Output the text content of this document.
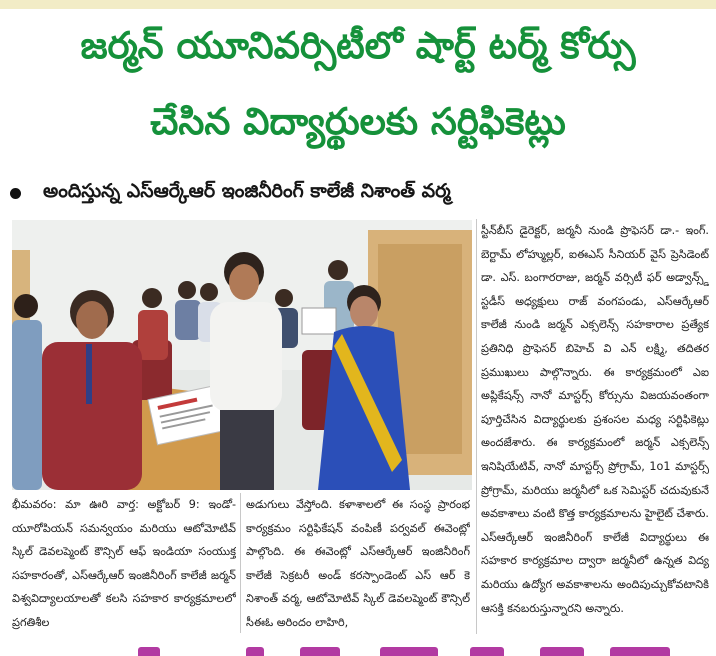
జర్మన్ యూనివర్సిటీలో షార్ట్ టర్మ్ కోర్సు
చేసిన విద్యార్థులకు సర్టిఫికెట్లు
అందిస్తున్న ఎస్ఆర్కేఆర్ ఇంజినీరింగ్ కాలేజీ నిశాంత్ వర్మ
స్టీన్‌బీస్ డైరెక్టర్, జర్మనీ నుండి ప్రొఫెసర్ డా.- ఇంగ్. బెర్టామ్ లోహ్ముల్లర్, ఐఈఎస్ సీనియర్ వైస్ ప్రెసిడెంట్ డా. ఎస్. బంగారరాజు, జర్మన్ వర్సిటీ ఫర్ అడ్వాన్స్డ్ స్టడీస్ అధ్యక్షులు రాజ్ వంగపండు, ఎస్ఆర్కేఆర్ కాలేజీ నుండి జర్మన్ ఎక్సలెన్స్ సహకారాల ప్రత్యేక ప్రతినిధి ప్రొఫెసర్ బిహెచ్ వి ఎన్ లక్ష్మి, తదితర ప్రముఖులు పాల్గొన్నారు. ఈ కార్యక్రమంలో ఎఐ అప్లికేషన్స్ నానో మాస్టర్స్ కోర్సును విజయవంతంగా పూర్తిచేసిన విద్యార్థులకు ప్రశంసల మధ్య సర్టిఫికెట్లు అందజేశారు. ఈ కార్యక్రమంలో జర్మన్ ఎక్సలెన్స్ ఇనిషియేటివ్, నానో మాస్టర్స్ ప్రోగ్రామ్, 1o1 మాస్టర్స్ ప్రోగ్రామ్, మరియు జర్మనీలో ఒక సెమిస్టర్ చదువుకునే అవకాశాలు వంటి కొత్త కార్యక్రమాలను హైలైట్ చేశారు. ఎస్ఆర్కేఆర్ ఇంజినీరింగ్ కాలేజీ విద్యార్థులు ఈ సహకార కార్యక్రమాల ద్వారా జర్మనీలో ఉన్నత విద్య మరియు ఉద్యోగ అవకాశాలను అందిపుచ్చుకోవటానికి ఆసక్తి కనబరుస్తున్నారని అన్నారు.
భీమవరం: మా ఊరి వార్త: అక్టోబర్ 9: ఇండో- యూరోపియన్ సమన్వయం మరియు ఆటోమోటివ్ స్కిల్ డెవలప్మెంట్ కౌన్సిల్ ఆఫ్ ఇండియా సంయుక్త సహకారంతో, ఎస్ఆర్కేఆర్ ఇంజినీరింగ్ కాలేజీ జర్మన్ విశ్వవిద్యాలయాలతో కలసి సహకార కార్యక్రమాలలో ప్రగతిశీల
అడుగులు వేస్తోంది. కళాశాలలో ఈ సంస్థ ప్రారంభ కార్యక్రమం సర్టిఫికేషన్ వంపిణీ పర్వవల్ ఈవెంట్లో పాల్గొంది. ఈ ఈవెంట్లో ఎస్ఆర్కేఆర్ ఇంజినీరింగ్ కాలేజీ సెక్రటరీ అండ్ కరస్పాండెంట్ ఎస్ ఆర్ కె నిశాంత్ వర్మ, ఆటోమోటివ్ స్కిల్ డెవలప్మెంట్ కౌన్సిల్ సీఈఓ అరిందం లాహిరి,
